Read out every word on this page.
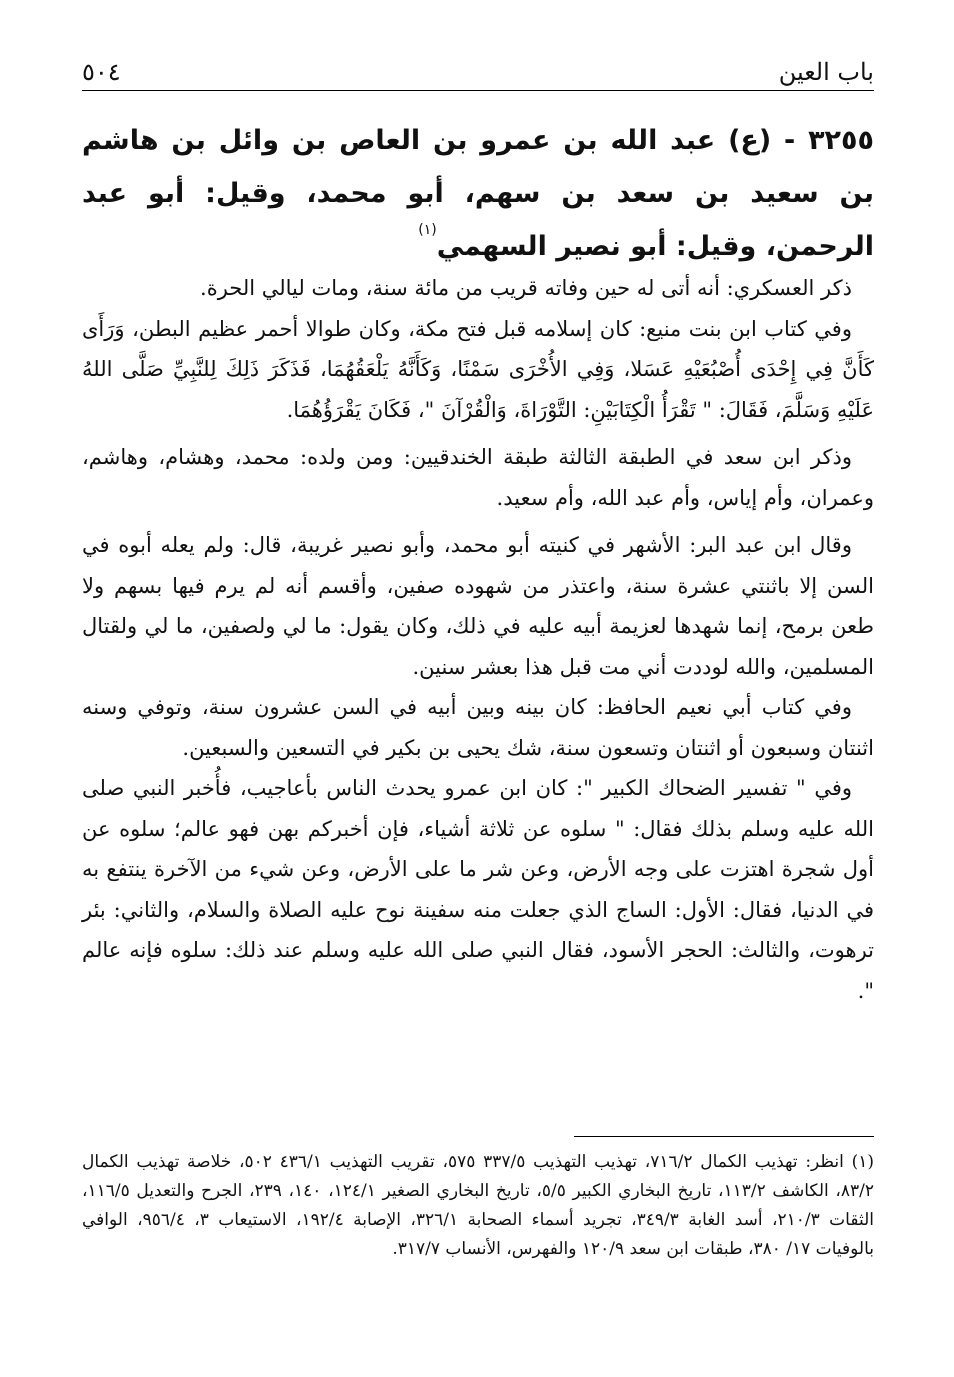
باب العين
٥٠٤
٣٢٥٥ - (ع) عبد الله بن عمرو بن العاص بن وائل بن هاشم بن سعيد بن سعد بن سهم، أبو محمد، وقيل: أبو عبد الرحمن، وقيل: أبو نصير السهمي$^{(١)}$

ذكر العسكري: أنه أتى له حين وفاته قريب من مائة سنة، ومات ليالي الحرة.

وفي كتاب ابن بنت منيع: كان إسلامه قبل فتح مكة، وكان طوالا أحمر عظيم البطن، وَرَأَى كَأَنَّ فِي إِحْدَى أُصْبُعَيْهِ عَسَلا، وَفِي الأُخْرَى سَمْنًا، وَكَأَنَّهُ يَلْعَقُهُمَا، فَذَكَرَ ذَلِكَ لِلنَّبِيِّ صَلَّى اللهُ عَلَيْهِ وَسَلَّمَ، فَقَالَ: " تَقْرَأُ الْكِتَابَيْنِ: التَّوْرَاةَ، وَالْقُرْآنَ "، فَكَانَ يَقْرَؤُهُمَا.

وذكر ابن سعد في الطبقة الثالثة طبقة الخندقيين: ومن ولده: محمد، وهشام، وهاشم، وعمران، وأم إياس، وأم عبد الله، وأم سعيد.

وقال ابن عبد البر: الأشهر في كنيته أبو محمد، وأبو نصير غريبة، قال: ولم يعله أبوه في السن إلا باثنتي عشرة سنة، واعتذر من شهوده صفين، وأقسم أنه لم يرم فيها بسهم ولا طعن برمح، إنما شهدها لعزيمة أبيه عليه في ذلك، وكان يقول: ما لي ولصفين، ما لي ولقتال المسلمين، والله لوددت أني مت قبل هذا بعشر سنين.

وفي كتاب أبي نعيم الحافظ: كان بينه وبين أبيه في السن عشرون سنة، وتوفي وسنه اثنتان وسبعون أو اثنتان وتسعون سنة، شك يحيى بن بكير في التسعين والسبعين.

وفي " تفسير الضحاك الكبير ": كان ابن عمرو يحدث الناس بأعاجيب، فأُخبر النبي صلى الله عليه وسلم بذلك فقال: " سلوه عن ثلاثة أشياء، فإن أخبركم بهن فهو عالم؛ سلوه عن أول شجرة اهتزت على وجه الأرض، وعن شر ما على الأرض، وعن شيء من الآخرة ينتفع به في الدنيا، فقال: الأول: الساج الذي جعلت منه سفينة نوح عليه الصلاة والسلام، والثاني: بئر ترهوت، والثالث: الحجر الأسود، فقال النبي صلى الله عليه وسلم عند ذلك: سلوه فإنه عالم ".

(١) انظر: تهذيب الكمال ٧١٦/٢، تهذيب التهذيب ٣٣٧/٥ ٥٧٥، تقريب التهذيب ٤٣٦/١ ٥٠٢، خلاصة تهذيب الكمال ٨٣/٢، الكاشف ١١٣/٢، تاريخ البخاري الكبير ٥/٥، تاريخ البخاري الصغير ١٢٤/١، ١٤٠، ٢٣٩، الجرح والتعديل ١١٦/٥، الثقات ٢١٠/٣، أسد الغابة ٣٤٩/٣، تجريد أسماء الصحابة ٣٢٦/١، الإصابة ١٩٢/٤، الاستيعاب ٣، ٩٥٦/٤، الوافي بالوفيات ١٧/ ٣٨٠، طبقات ابن سعد ١٢٠/٩ والفهرس، الأنساب ٣١٧/٧.
